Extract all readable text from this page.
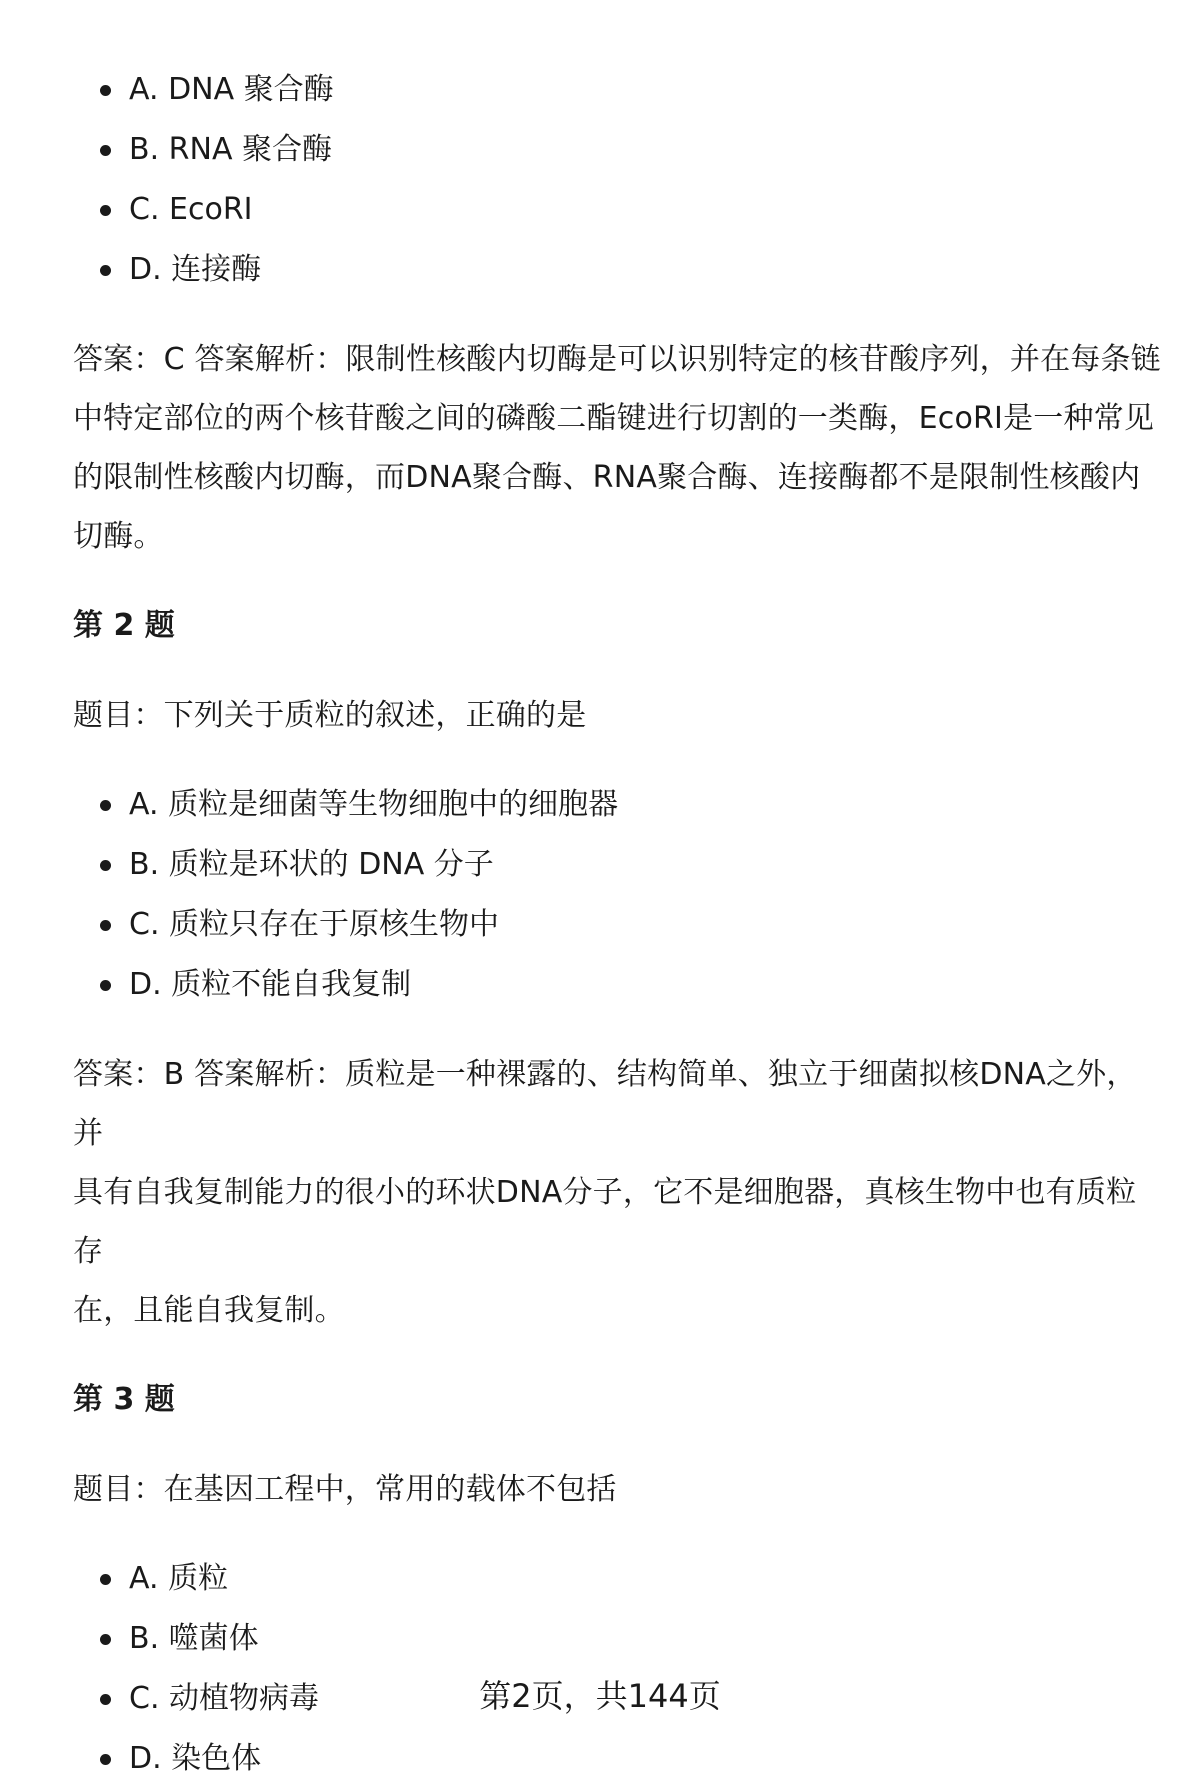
A. DNA 聚合酶
B. RNA 聚合酶
C. EcoRI
D. 连接酶

答案：C 答案解析：限制性核酸内切酶是可以识别特定的核苷酸序列，并在每条链

中特定部位的两个核苷酸之间的磷酸二酯键进行切割的一类酶，EcoRI是一种常见

的限制性核酸内切酶，而DNA聚合酶、RNA聚合酶、连接酶都不是限制性核酸内

切酶。

第 2 题

题目：下列关于质粒的叙述，正确的是

A. 质粒是细菌等生物细胞中的细胞器
B. 质粒是环状的 DNA 分子
C. 质粒只存在于原核生物中
D. 质粒不能自我复制

答案：B 答案解析：质粒是一种裸露的、结构简单、独立于细菌拟核DNA之外，并

具有自我复制能力的很小的环状DNA分子，它不是细胞器，真核生物中也有质粒存

在，且能自我复制。

第 3 题

题目：在基因工程中，常用的载体不包括

A. 质粒
B. 噬菌体
C. 动植物病毒
D. 染色体
第2页，共144页
